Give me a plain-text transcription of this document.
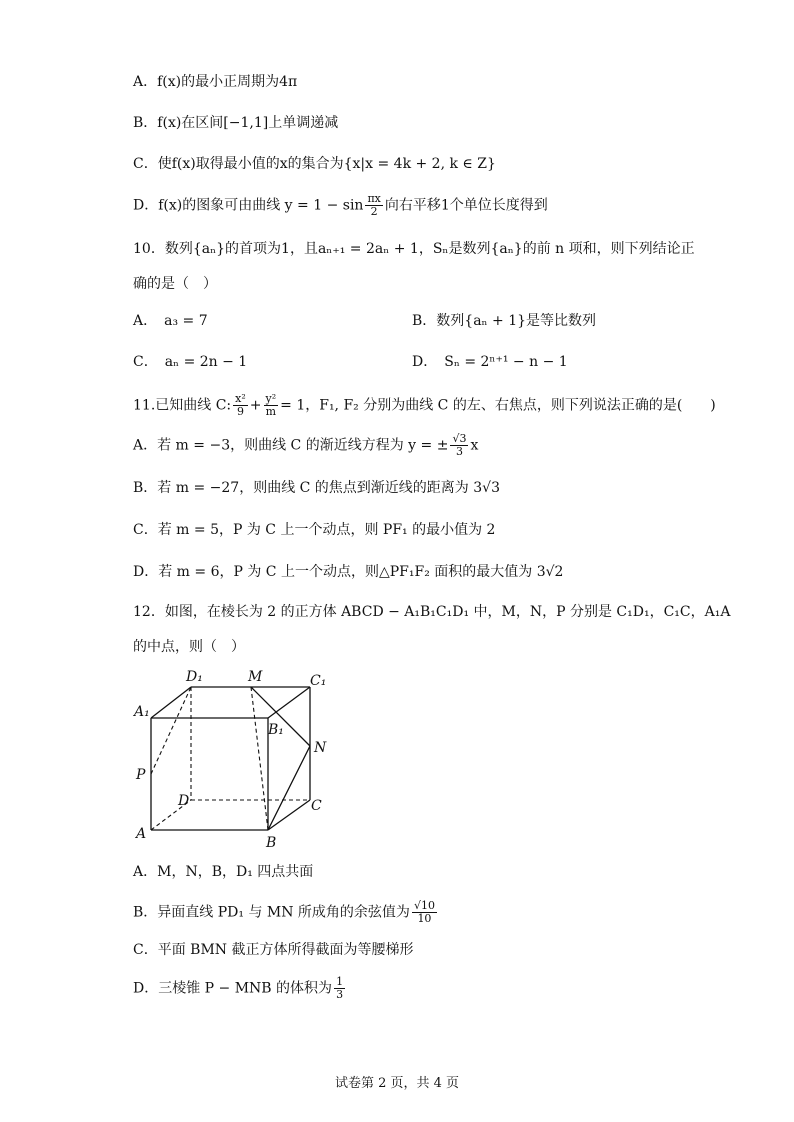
A．f(x)的最小正周期为4π
B．f(x)在区间[−1,1]上单调递减
C．使f(x)取得最小值的x的集合为{x|x = 4k + 2, k ∈ Z}
D．f(x)的图象可由曲线 $y = 1 - \sin \frac{\pi x}{2}$ 向右平移1个单位长度得到
10．数列{aₙ}的首项为1，且aₙ₊₁ = 2aₙ + 1，Sₙ是数列{aₙ}的前 n 项和，则下列结论正
确的是（　）
A．　a₃ = 7	B．数列{aₙ + 1}是等比数列
C．　aₙ = 2n − 1	D．　Sₙ = 2ⁿ⁺¹ − n − 1
11.已知曲线 C: $\frac{\text{x²}}{9} + \frac{\text{y²}}{m} = 1$，F₁, F₂ 分别为曲线 C 的左、右焦点，则下列说法正确的是(　　)
A．若 m = −3，则曲线 C 的渐近线方程为 y = ± $\frac{√3}{3}$ x
B．若 m = −27，则曲线 C 的焦点到渐近线的距离为 3√3
C．若 m = 5，P 为 C 上一个动点，则 PF₁ 的最小值为 2
D．若 m = 6，P 为 C 上一个动点，则△PF₁F₂ 面积的最大值为 3√2
12．如图，在棱长为 2 的正方体 ABCD − A₁B₁C₁D₁ 中，M，N，P 分别是 C₁D₁，C₁C，A₁A
的中点，则（　）
D₁	M	C₁
A₁
B₁
N
P
D	C
A
B
A．M，N，B，D₁ 四点共面
B．异面直线 PD₁ 与 MN 所成角的余弦值为 $\frac{√10}{10}$
C．平面 BMN 截正方体所得截面为等腰梯形
D．三棱锥 P − MNB 的体积为 $\frac{1}{3}$
试卷第 2 页，共 4 页
